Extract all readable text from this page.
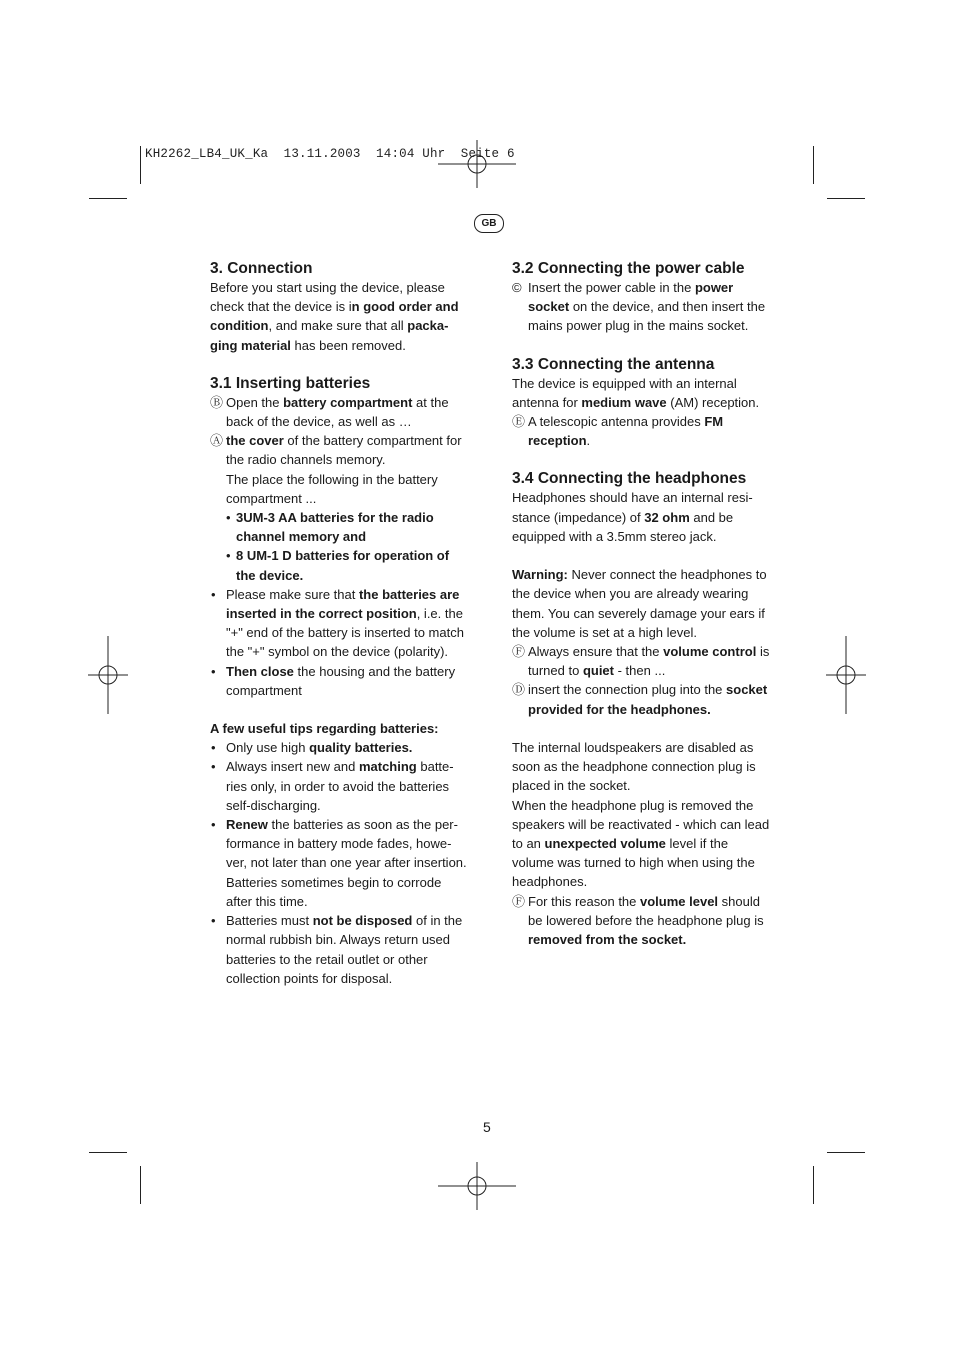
KH2262_LB4_UK_Ka  13.11.2003  14:04 Uhr  Seite 6
GB
3. Connection

Before you start using the device, please check that the device is in good order and condition, and make sure that all packa-ging material has been removed.

3.1 Inserting batteries
Ⓑ Open the battery compartment at the back of the device, as well as …
Ⓐ the cover of the battery compartment for the radio channels memory.
The place the following in the battery compartment ...
• 3UM-3 AA batteries for the radio channel memory and
• 8 UM-1 D batteries for operation of the device.
• Please make sure that the batteries are inserted in the correct position, i.e. the "+" end of the battery is inserted to match the "+" symbol on the device (polarity).
• Then close the housing and the battery compartment

A few useful tips regarding batteries:

• Only use high quality batteries.
• Always insert new and matching batte-ries only, in order to avoid the batteries self-discharging.
• Renew the batteries as soon as the per-formance in battery mode fades, howe-ver, not later than one year after insertion. Batteries sometimes begin to corrode after this time.
• Batteries must not be disposed of in the normal rubbish bin. Always return used batteries to the retail outlet or other collection points for disposal.
3.2 Connecting the power cable
© Insert the power cable in the power socket on the device, and then insert the mains power plug in the mains socket.
3.3 Connecting the antenna

The device is equipped with an internal antenna for medium wave (AM) reception.

Ⓔ A telescopic antenna provides FM reception.
3.4 Connecting the headphones

Headphones should have an internal resi-stance (impedance) of 32 ohm and be equipped with a 3.5mm stereo jack.

Warning: Never connect the headphones to the device when you are already wearing them. You can severely damage your ears if the volume is set at a high level.

Ⓕ Always ensure that the volume control is turned to quiet - then ...
Ⓓ insert the connection plug into the socket provided for the headphones.

The internal loudspeakers are disabled as soon as the headphone connection plug is placed in the socket.

When the headphone plug is removed the speakers will be reactivated - which can lead to an unexpected volume level if the volume was turned to high when using the headphones.

Ⓕ For this reason the volume level should be lowered before the headphone plug is removed from the socket.
5
